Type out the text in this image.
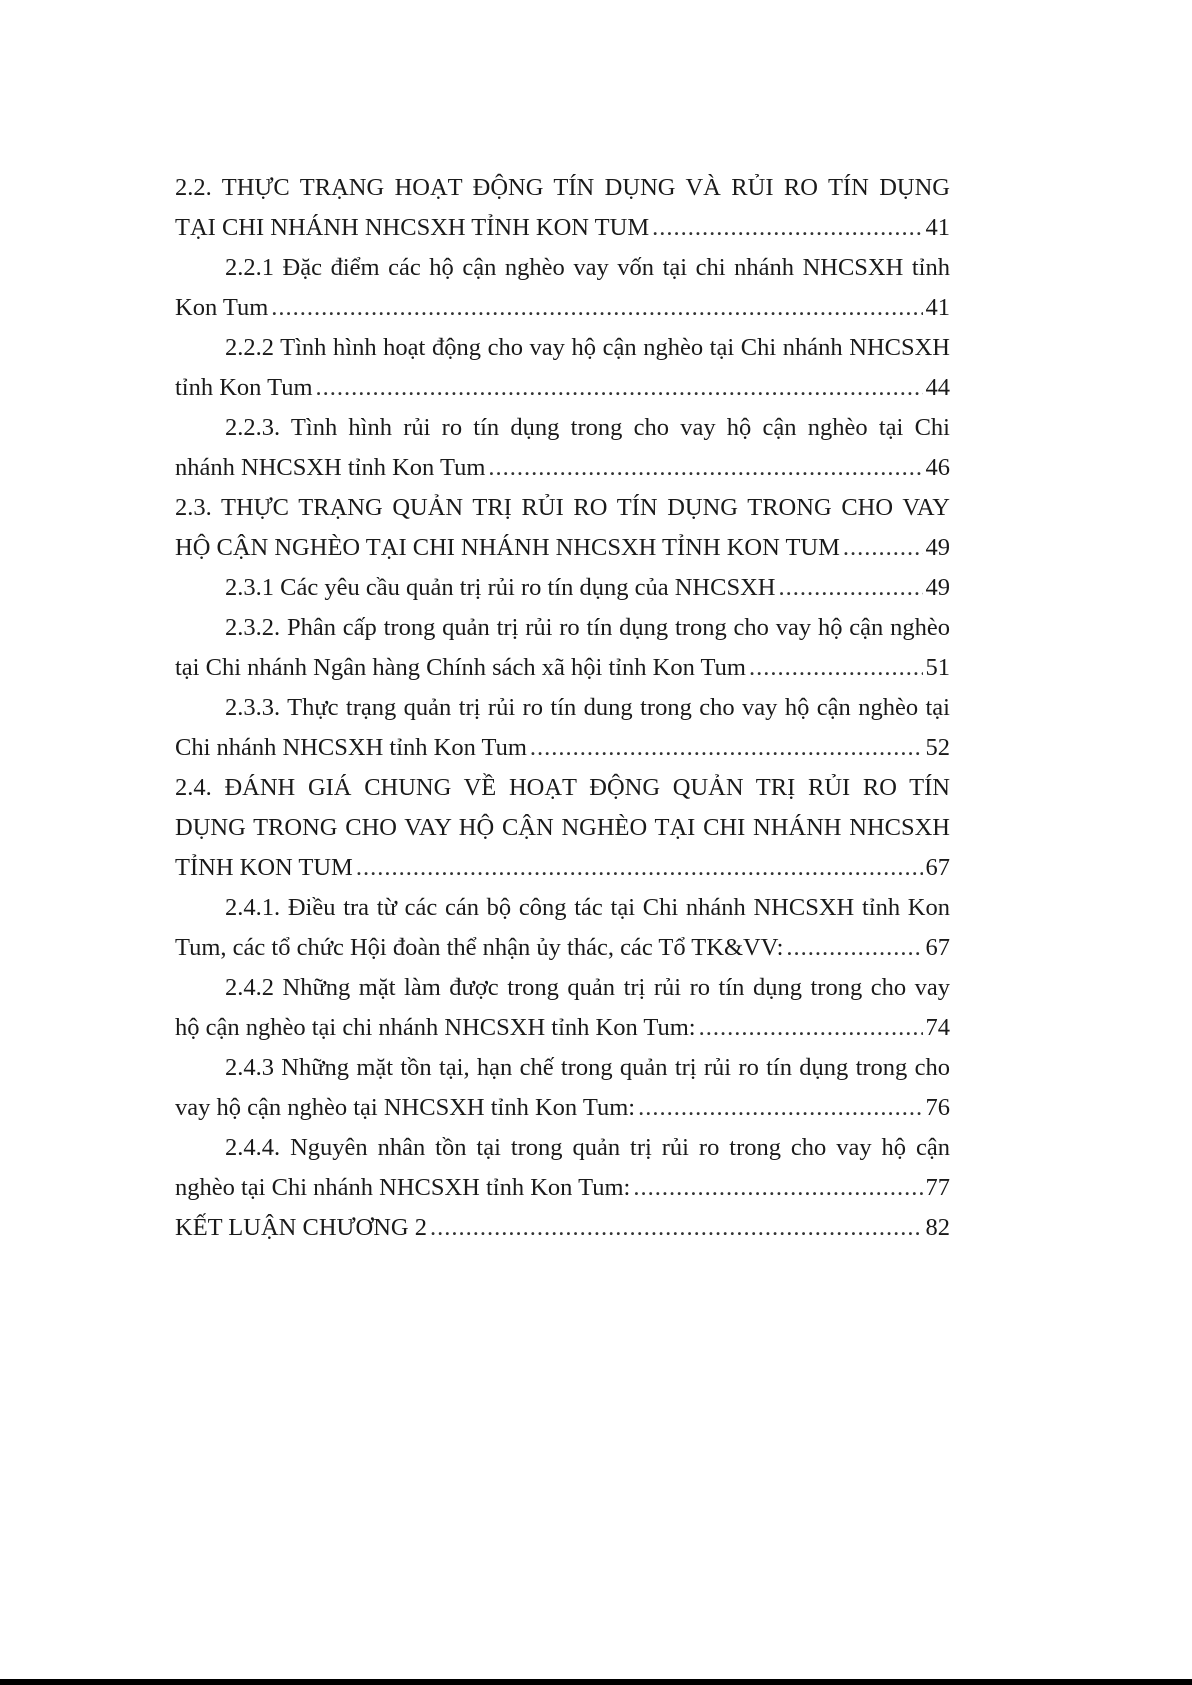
2.2. THỰC TRẠNG HOẠT ĐỘNG TÍN DỤNG VÀ RỦI RO TÍN DỤNG
TẠI CHI NHÁNH NHCSXH TỈNH KON TUM .....	41
2.2.1 Đặc điểm các hộ cận nghèo vay vốn tại chi nhánh NHCSXH tỉnh
Kon Tum .....	41
2.2.2 Tình hình hoạt động cho vay hộ cận nghèo tại Chi nhánh NHCSXH
tỉnh Kon Tum .....	44
2.2.3. Tình hình rủi ro tín dụng trong cho vay hộ cận nghèo tại Chi
nhánh NHCSXH tỉnh Kon Tum .....	46
2.3. THỰC TRẠNG QUẢN TRỊ RỦI RO TÍN DỤNG TRONG CHO VAY
HỘ CẬN NGHÈO TẠI CHI NHÁNH NHCSXH TỈNH KON TUM .....	49
2.3.1 Các yêu cầu quản trị rủi ro tín dụng của NHCSXH .....	49
2.3.2. Phân cấp trong quản trị rủi ro tín dụng trong cho vay hộ cận nghèo
tại Chi nhánh Ngân hàng Chính sách xã hội tỉnh Kon Tum .....	51
2.3.3. Thực trạng quản trị rủi ro tín dung trong cho vay hộ cận nghèo tại
Chi nhánh NHCSXH tỉnh Kon Tum .....	52
2.4. ĐÁNH GIÁ CHUNG VỀ HOẠT ĐỘNG QUẢN TRỊ RỦI RO TÍN
DỤNG TRONG CHO VAY HỘ CẬN NGHÈO TẠI CHI NHÁNH NHCSXH
TỈNH KON TUM .....	67
2.4.1. Điều tra từ các cán bộ công tác tại Chi nhánh NHCSXH tỉnh Kon
Tum, các tổ chức Hội đoàn thể nhận ủy thác, các Tổ TK&VV: .....	67
2.4.2 Những mặt làm được trong quản trị rủi ro tín dụng trong cho vay
hộ cận nghèo tại chi nhánh NHCSXH tỉnh Kon Tum: .....	74
2.4.3 Những mặt tồn tại, hạn chế trong quản trị rủi ro tín dụng trong cho
vay hộ cận nghèo tại NHCSXH tỉnh Kon Tum: .....	76
2.4.4. Nguyên nhân tồn tại trong quản trị rủi ro trong cho vay hộ cận
nghèo tại Chi nhánh NHCSXH tỉnh Kon Tum: .....	77
KẾT LUẬN CHƯƠNG 2 .....	82
